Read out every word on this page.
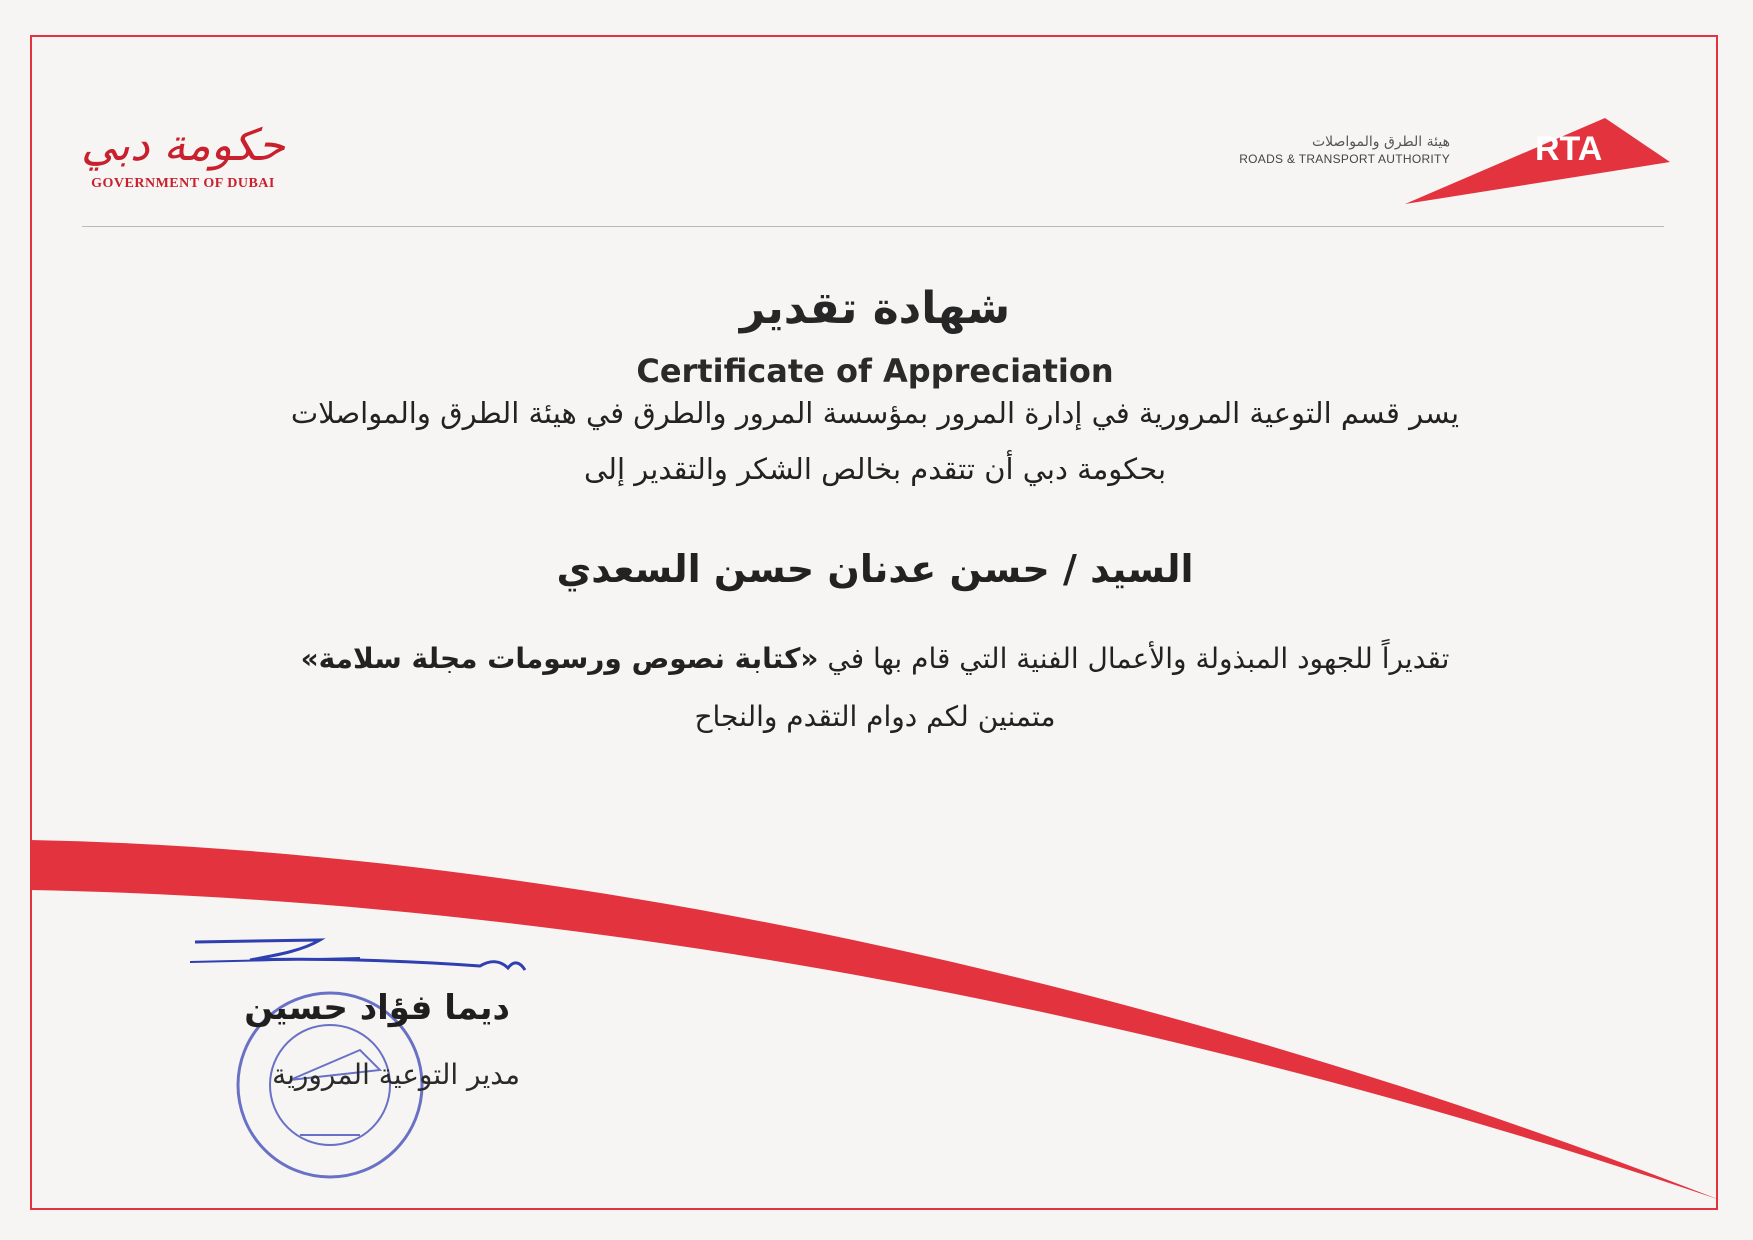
حكومة دبي
GOVERNMENT OF DUBAI
هيئة الطرق والمواصلات
ROADS & TRANSPORT AUTHORITY	RTA
شهادة تقدير
Certificate of Appreciation
يسر قسم التوعية المرورية في إدارة المرور بمؤسسة المرور والطرق في هيئة الطرق والمواصلات
بحكومة دبي أن تتقدم بخالص الشكر والتقدير إلى
السيد / حسن عدنان حسن السعدي
تقديراً للجهود المبذولة والأعمال الفنية التي قام بها في «كتابة نصوص ورسومات مجلة سلامة»
متمنين لكم دوام التقدم والنجاح
ديما فؤاد حسين
مدير التوعية المرورية
